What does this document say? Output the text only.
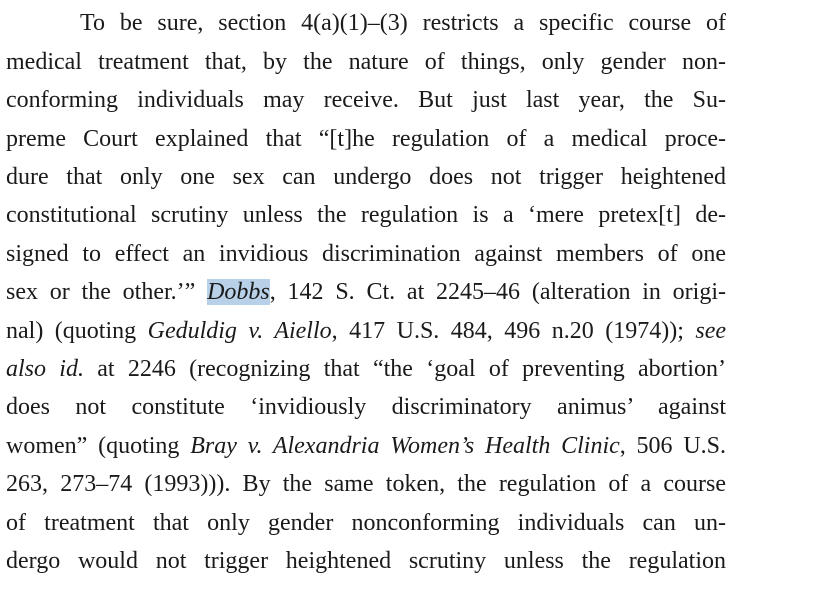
To be sure, section 4(a)(1)–(3) restricts a specific course of
medical treatment that, by the nature of things, only gender non-
conforming individuals may receive. But just last year, the Su-
preme Court explained that “[t]he regulation of a medical proce-
dure that only one sex can undergo does not trigger heightened
constitutional scrutiny unless the regulation is a ‘mere pretex[t] de-
signed to effect an invidious discrimination against members of one
sex or the other.’” Dobbs, 142 S. Ct. at 2245–46 (alteration in origi-
nal) (quoting Geduldig v. Aiello, 417 U.S. 484, 496 n.20 (1974)); see
also id. at 2246 (recognizing that “the ‘goal of preventing abortion’
does not constitute ‘invidiously discriminatory animus’ against
women” (quoting Bray v. Alexandria Women’s Health Clinic, 506 U.S.
263, 273–74 (1993))). By the same token, the regulation of a course
of treatment that only gender nonconforming individuals can un-
dergo would not trigger heightened scrutiny unless the regulation
